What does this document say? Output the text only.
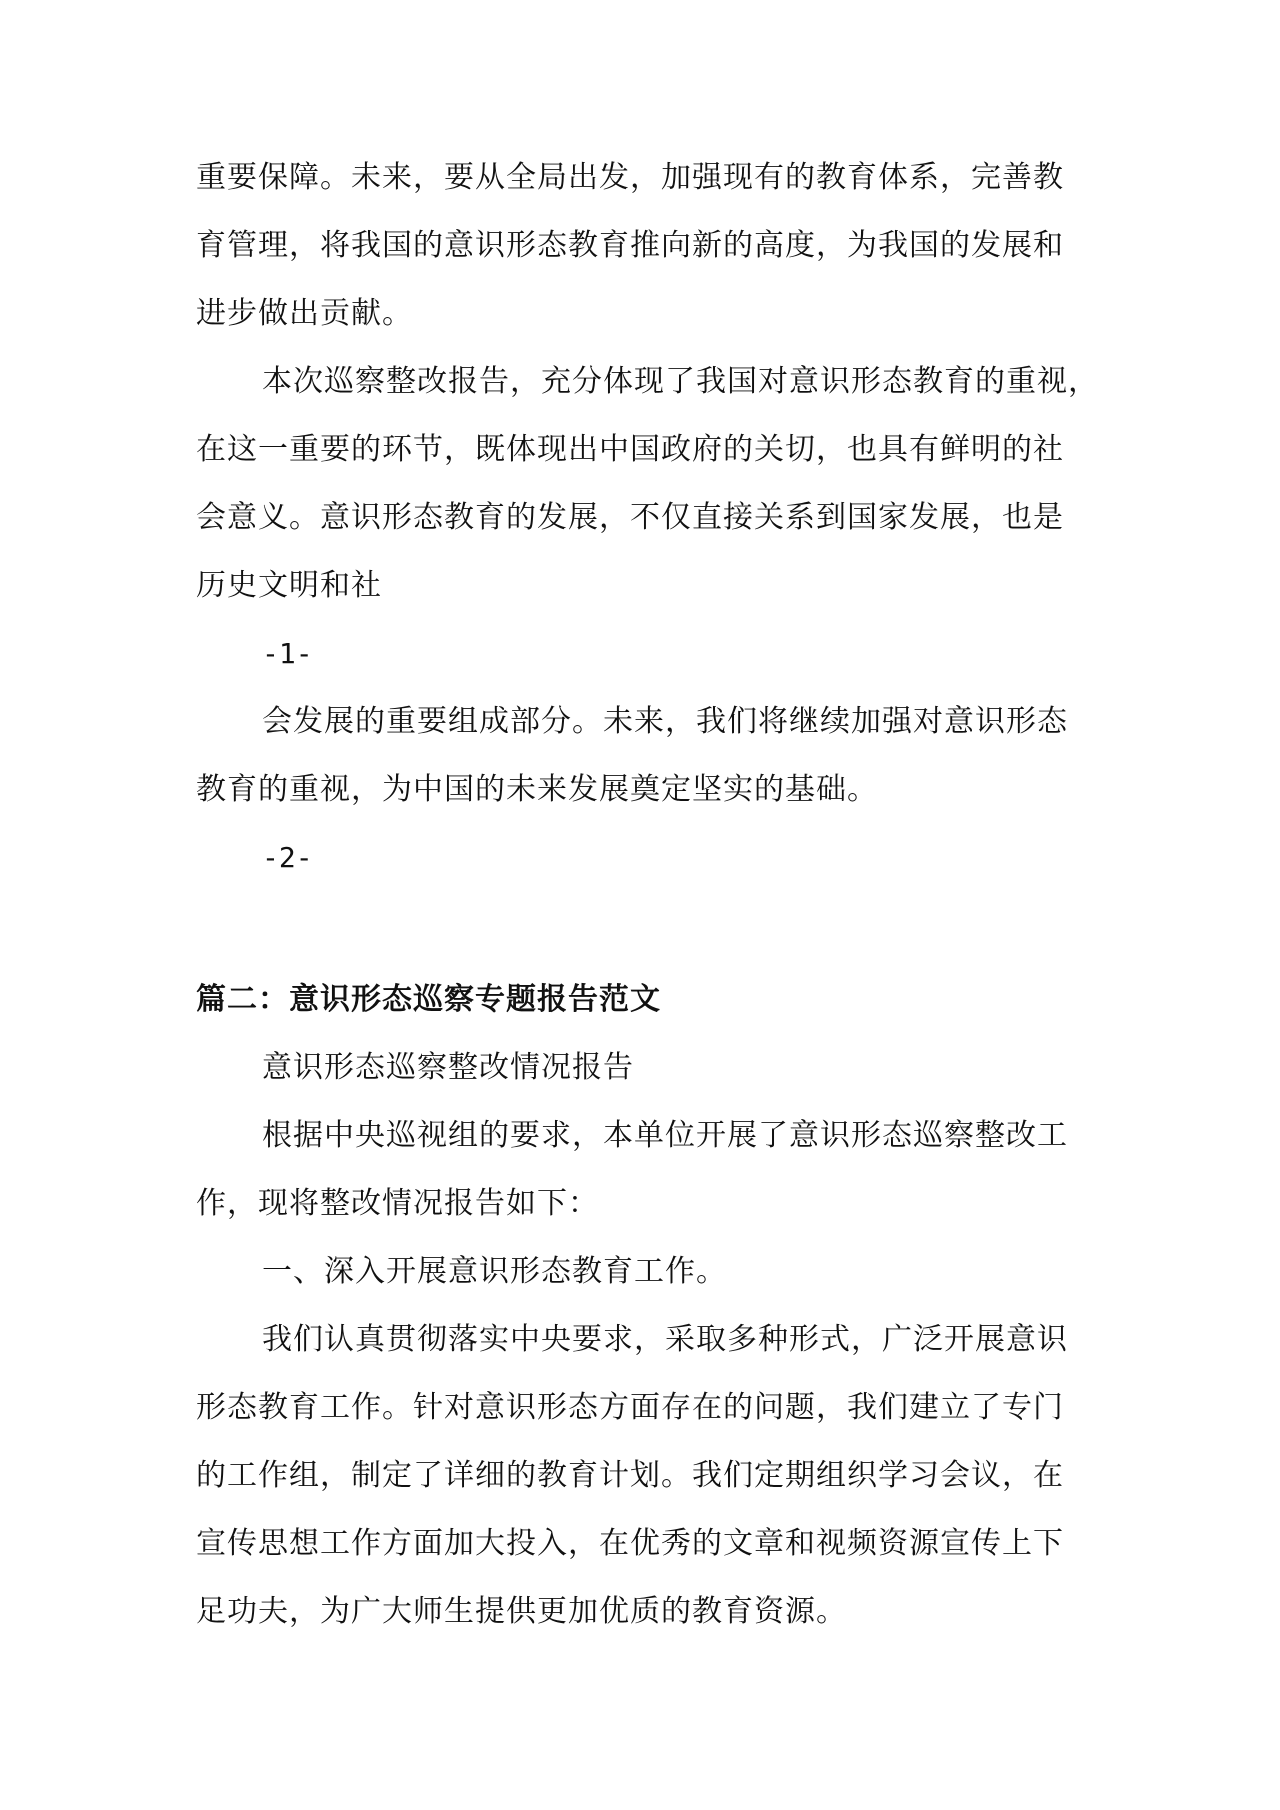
重要保障。未来，要从全局出发，加强现有的教育体系，完善教
育管理，将我国的意识形态教育推向新的高度，为我国的发展和
进步做出贡献。
本次巡察整改报告，充分体现了我国对意识形态教育的重视，
在这一重要的环节，既体现出中国政府的关切，也具有鲜明的社
会意义。意识形态教育的发展，不仅直接关系到国家发展，也是
历史文明和社
-1-
会发展的重要组成部分。未来，我们将继续加强对意识形态
教育的重视，为中国的未来发展奠定坚实的基础。
-2-
篇二：意识形态巡察专题报告范文
意识形态巡察整改情况报告
根据中央巡视组的要求，本单位开展了意识形态巡察整改工
作，现将整改情况报告如下：
一、深入开展意识形态教育工作。
我们认真贯彻落实中央要求，采取多种形式，广泛开展意识
形态教育工作。针对意识形态方面存在的问题，我们建立了专门
的工作组，制定了详细的教育计划。我们定期组织学习会议，在
宣传思想工作方面加大投入，在优秀的文章和视频资源宣传上下
足功夫，为广大师生提供更加优质的教育资源。
